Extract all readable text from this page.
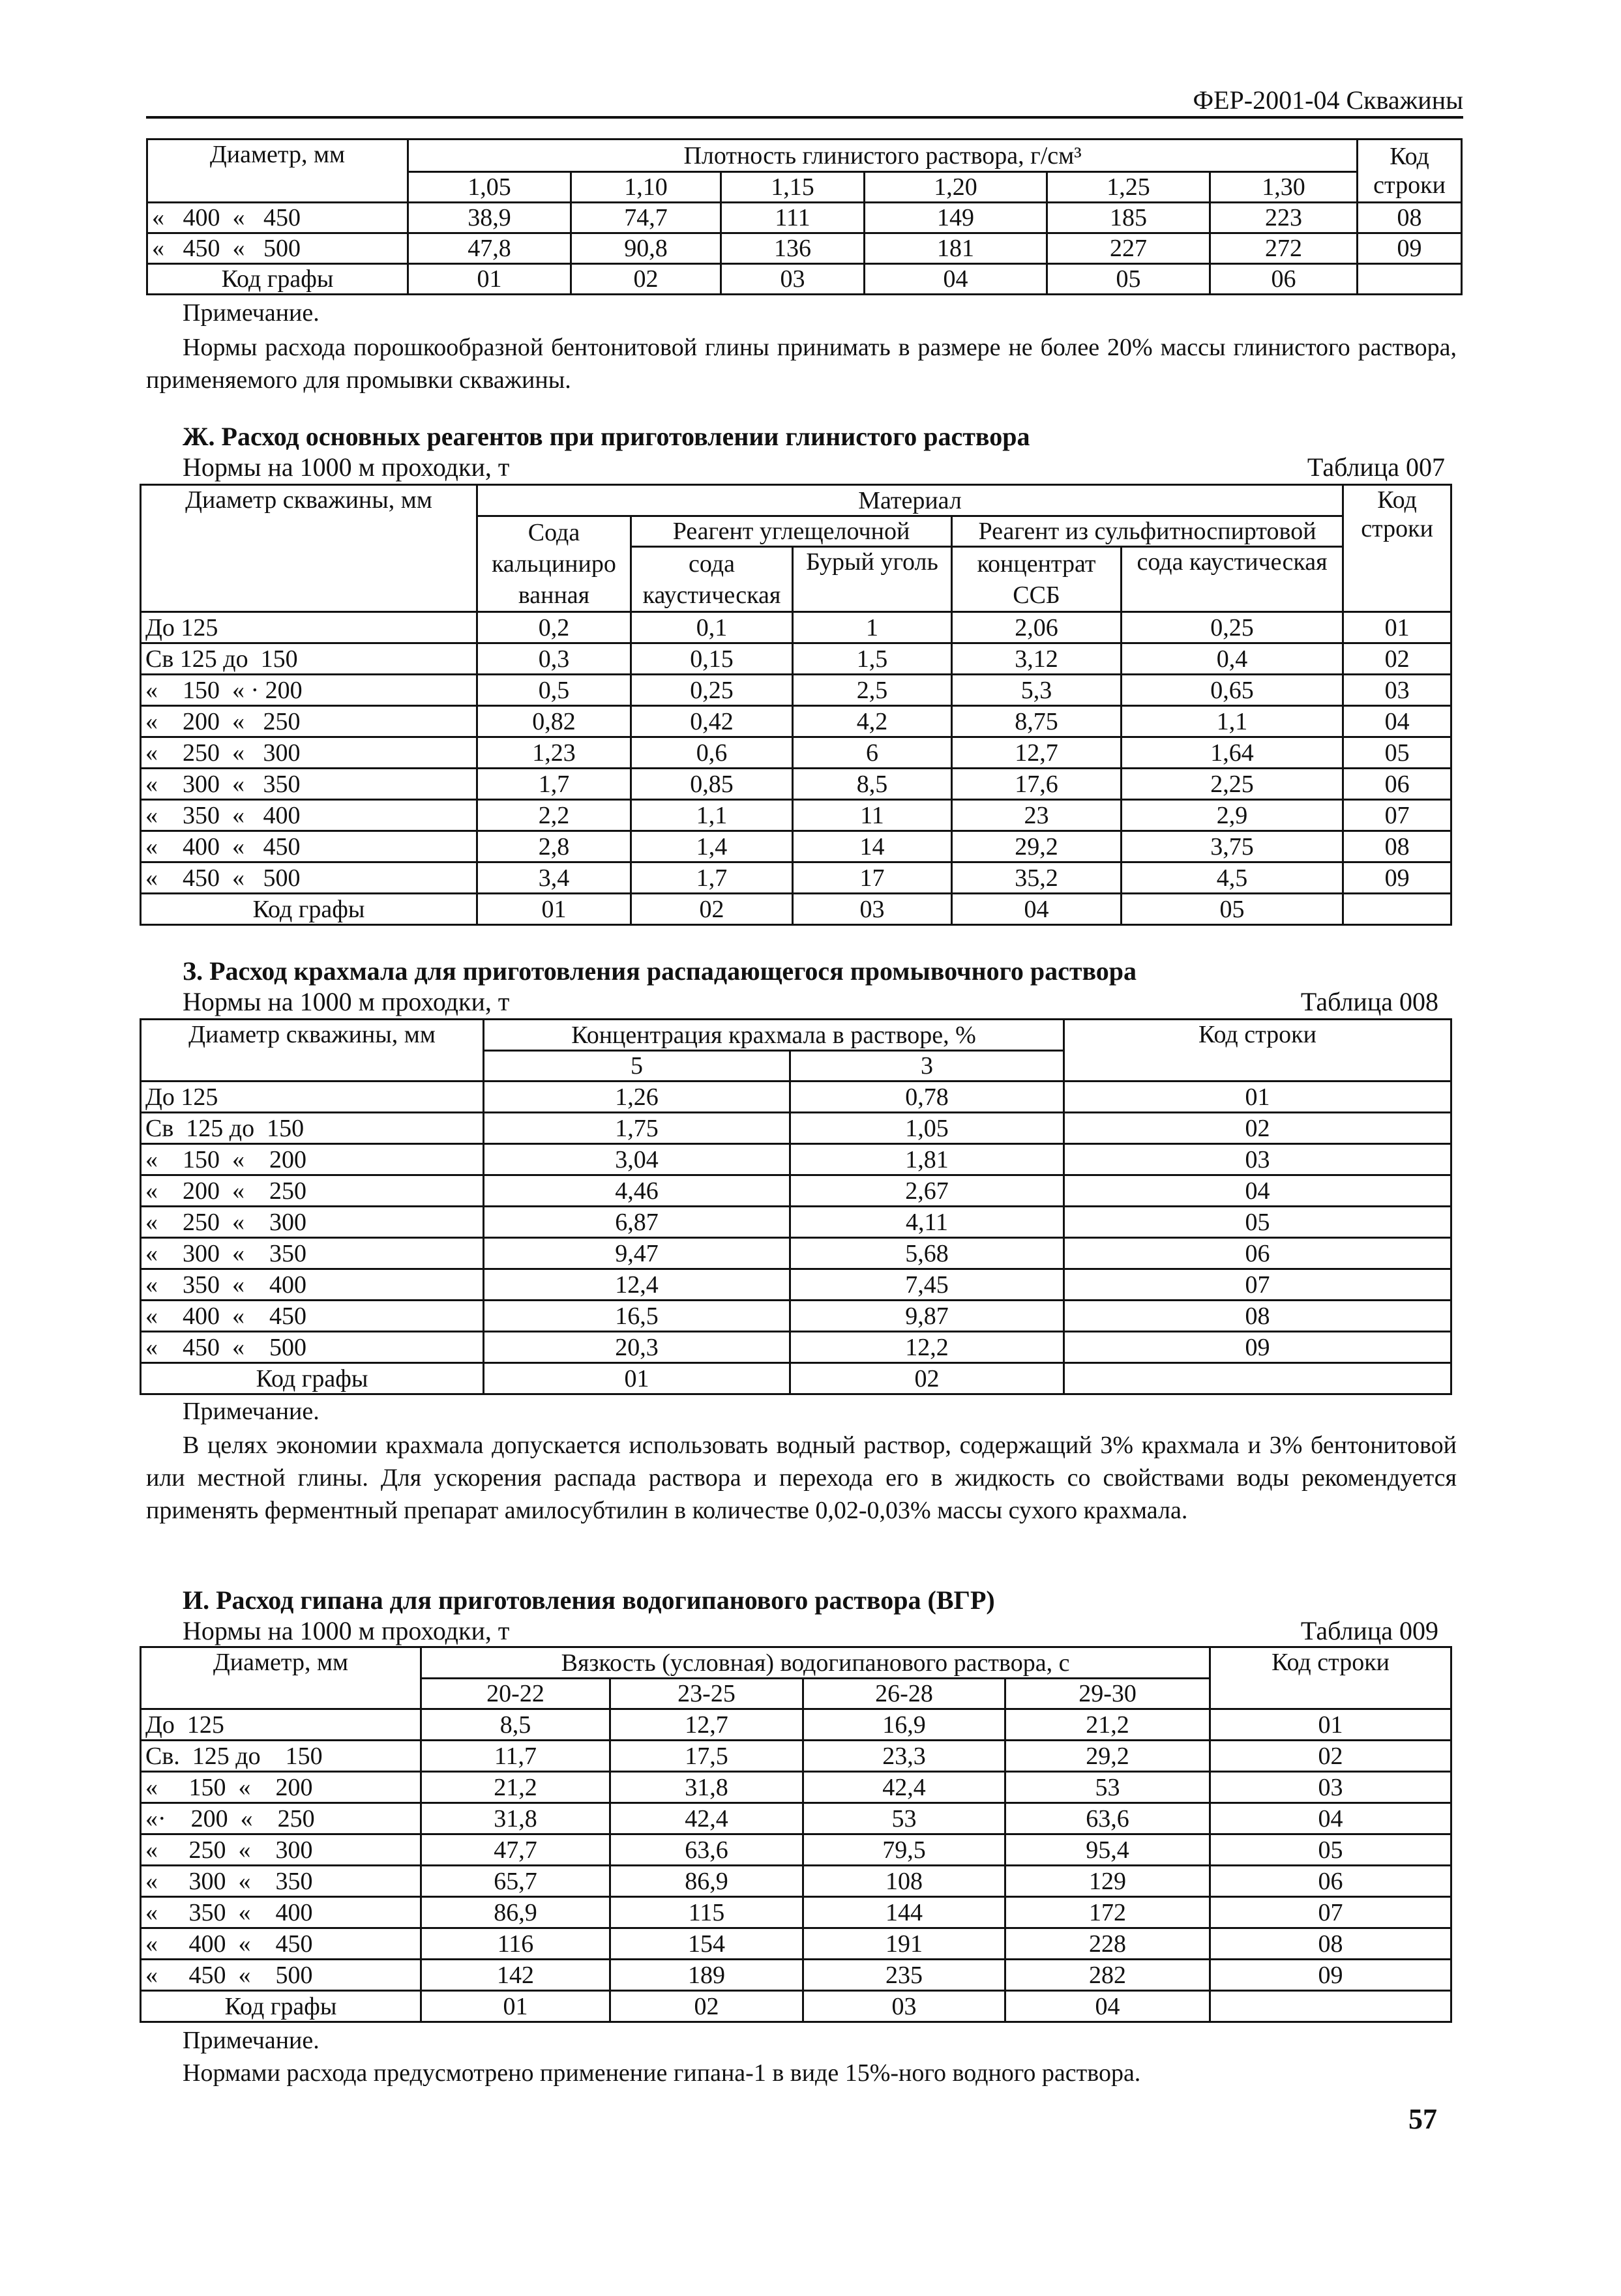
ФЕР-2001-04 Скважины
Диаметр, мм	Плотность глинистого раствора, г/см³						Код строки
	1,05	1,10	1,15	1,20	1,25	1,30	
«   400  «   450	38,9	74,7	111	149	185	223	08
«   450  «   500	47,8	90,8	136	181	227	272	09
Код графы	01	02	03	04	05	06	
Примечание.
Нормы расхода порошкообразной бентонитовой глины принимать в размере не более 20% массы глинистого раствора, применяемого для промывки скважины.
Ж. Расход основных реагентов при приготовлении глинистого раствора
Нормы на 1000 м проходки, т	Таблица 007
Диаметр скважины, мм	Материал					Код строки
	Сода кальциниро ванная	Реагент углещелочной		Реагент из сульфитноспиртовой		
		сода каустическая	Бурый уголь	концентрат ССБ	сода каустическая	
До 125	0,2	0,1	1	2,06	0,25	01
Св 125 до  150	0,3	0,15	1,5	3,12	0,4	02
«    150  « · 200	0,5	0,25	2,5	5,3	0,65	03
«    200  «   250	0,82	0,42	4,2	8,75	1,1	04
«    250  «   300	1,23	0,6	6	12,7	1,64	05
«    300  «   350	1,7	0,85	8,5	17,6	2,25	06
«    350  «   400	2,2	1,1	11	23	2,9	07
«    400  «   450	2,8	1,4	14	29,2	3,75	08
«    450  «   500	3,4	1,7	17	35,2	4,5	09
Код графы	01	02	03	04	05	
З. Расход крахмала для приготовления распадающегося промывочного раствора
Нормы на 1000 м проходки, т	Таблица 008
Диаметр скважины, мм	Концентрация крахмала в растворе, %		Код строки
	5	3	
До 125	1,26	0,78	01
Св  125 до  150	1,75	1,05	02
«    150  «    200	3,04	1,81	03
«    200  «    250	4,46	2,67	04
«    250  «    300	6,87	4,11	05
«    300  «    350	9,47	5,68	06
«    350  «    400	12,4	7,45	07
«    400  «    450	16,5	9,87	08
«    450  «    500	20,3	12,2	09
Код графы	01	02	
Примечание.
В целях экономии крахмала допускается использовать водный раствор, содержащий 3% крахмала и 3% бентонитовой или местной глины. Для ускорения распада раствора и перехода его в жидкость со свойствами воды рекомендуется применять ферментный препарат амилосубтилин в количестве 0,02-0,03% массы сухого крахмала.
И. Расход гипана для приготовления водогипанового раствора (ВГР)
Нормы на 1000 м проходки, т	Таблица 009
Диаметр, мм	Вязкость (условная) водогипанового раствора, с				Код строки
	20-22	23-25	26-28	29-30	
До  125	8,5	12,7	16,9	21,2	01
Св.  125 до    150	11,7	17,5	23,3	29,2	02
«     150  «    200	21,2	31,8	42,4	53	03
«·    200  «    250	31,8	42,4	53	63,6	04
«     250  «    300	47,7	63,6	79,5	95,4	05
«     300  «    350	65,7	86,9	108	129	06
«     350  «    400	86,9	115	144	172	07
«     400  «    450	116	154	191	228	08
«     450  «    500	142	189	235	282	09
Код графы	01	02	03	04	
Примечание.
Нормами расхода предусмотрено применение гипана-1 в виде 15%-ного водного раствора.
57
